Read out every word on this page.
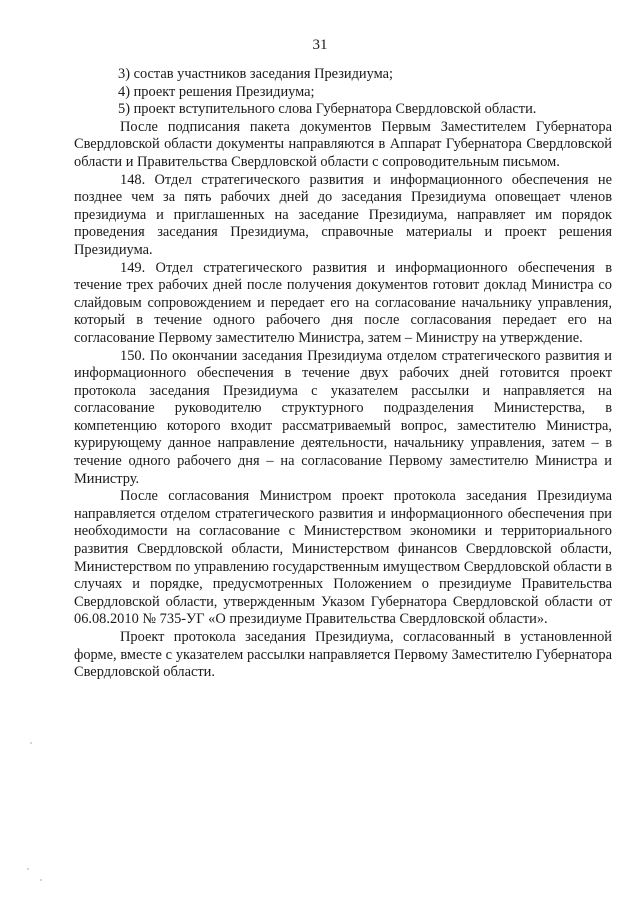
31

3) состав участников заседания Президиума;

4) проект решения Президиума;

5) проект вступительного слова Губернатора Свердловской области.

После подписания пакета документов Первым Заместителем Губернатора Свердловской области документы направляются в Аппарат Губернатора Свердловской области и Правительства Свердловской области с сопроводительным письмом.

148. Отдел стратегического развития и информационного обеспечения не позднее чем за пять рабочих дней до заседания Президиума оповещает членов президиума и приглашенных на заседание Президиума, направляет им порядок проведения заседания Президиума, справочные материалы и проект решения Президиума.

149. Отдел стратегического развития и информационного обеспечения в течение трех рабочих дней после получения документов готовит доклад Министра со слайдовым сопровождением и передает его на согласование начальнику управления, который в течение одного рабочего дня после согласования передает его на согласование Первому заместителю Министра, затем – Министру на утверждение.

150. По окончании заседания Президиума отделом стратегического развития и информационного обеспечения в течение двух рабочих дней готовится проект протокола заседания Президиума с указателем рассылки и направляется на согласование руководителю структурного подразделения Министерства, в компетенцию которого входит рассматриваемый вопрос, заместителю Министра, курирующему данное направление деятельности, начальнику управления, затем – в течение одного рабочего дня – на согласование Первому заместителю Министра и Министру.

После согласования Министром проект протокола заседания Президиума направляется отделом стратегического развития и информационного обеспечения при необходимости на согласование с Министерством экономики и территориального развития Свердловской области, Министерством финансов Свердловской области, Министерством по управлению государственным имуществом Свердловской области в случаях и порядке, предусмотренных Положением о президиуме Правительства Свердловской области, утвержденным Указом Губернатора Свердловской области от 06.08.2010 № 735-УГ «О президиуме Правительства Свердловской области».

Проект протокола заседания Президиума, согласованный в установленной форме, вместе с указателем рассылки направляется Первому Заместителю Губернатора Свердловской области.
